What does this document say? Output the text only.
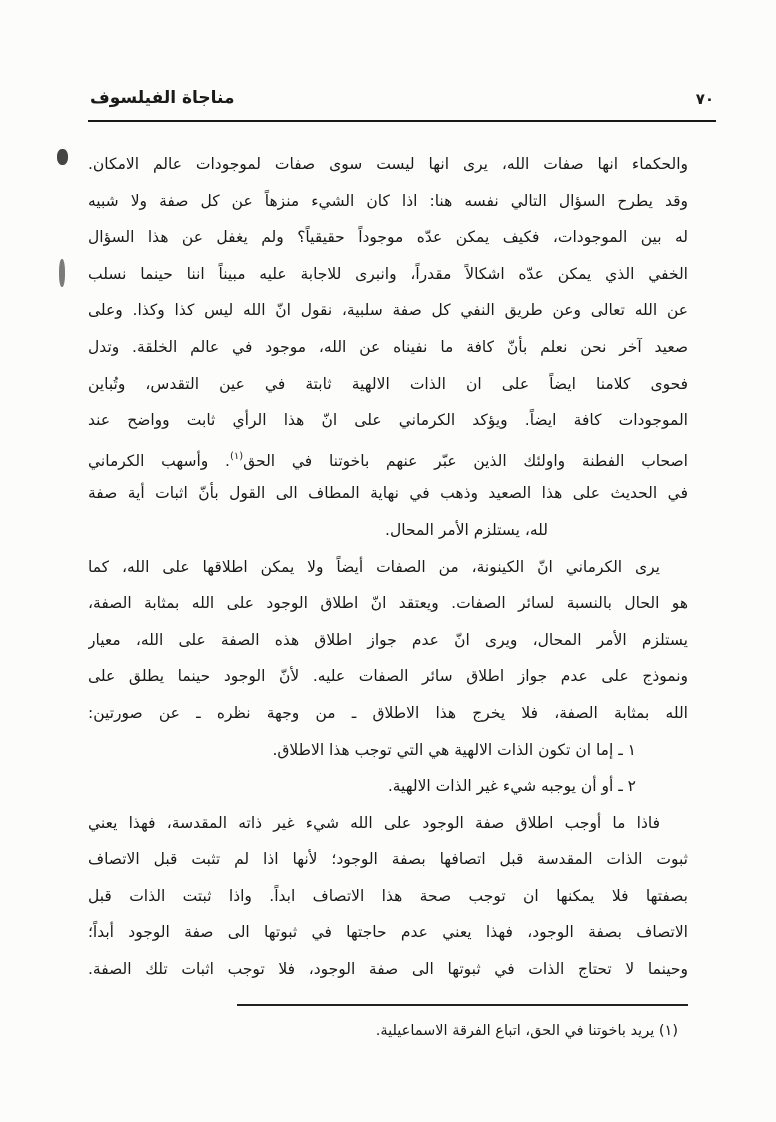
مناجاة الفيلسوف	٧٠
والحكماء انها صفات الله، يرى انها ليست سوى صفات لموجودات عالم الامكان.
وقد يطرح السؤال التالي نفسه هنا: اذا كان الشيء منزهاً عن كل صفة ولا شبيه
له بين الموجودات، فكيف يمكن عدّه موجوداً حقيقياً؟ ولم يغفل عن هذا السؤال
الخفي الذي يمكن عدّه اشكالاً مقدراً، وانبرى للاجابة عليه مبيناً اننا حينما نسلب
عن الله تعالى وعن طريق النفي كل صفة سلبية، نقول انّ الله ليس كذا وكذا. وعلى
صعيد آخر نحن نعلم بأنّ كافة ما نفيناه عن الله، موجود في عالم الخلقة. وتدل
فحوى كلامنا ايضاً على ان الذات الالهية ثابتة في عين التقدس، وتُباين
الموجودات كافة ايضاً. ويؤكد الكرماني على انّ هذا الرأي ثابت وواضح عند
اصحاب الفطنة واولئك الذين عبّر عنهم باخوتنا في الحق$^{(١)}$. وأسهب الكرماني
في الحديث على هذا الصعيد وذهب في نهاية المطاف الى القول بأنّ اثبات أية صفة
لله، يستلزم الأمر المحال.
يرى الكرماني انّ الكينونة، من الصفات أيضاً ولا يمكن اطلاقها على الله، كما
هو الحال بالنسبة لسائر الصفات. ويعتقد انّ اطلاق الوجود على الله بمثابة الصفة،
يستلزم الأمر المحال، ويرى انّ عدم جواز اطلاق هذه الصفة على الله، معيار
ونموذج على عدم جواز اطلاق سائر الصفات عليه. لأنّ الوجود حينما يطلق على
الله بمثابة الصفة، فلا يخرج هذا الاطلاق ـ من وجهة نظره ـ عن صورتين:
١ ـ إما ان تكون الذات الالهية هي التي توجب هذا الاطلاق.
٢ ـ أو أن يوجبه شيء غير الذات الالهية.
فاذا ما أوجب اطلاق صفة الوجود على الله شيء غير ذاته المقدسة، فهذا يعني
ثبوت الذات المقدسة قبل اتصافها بصفة الوجود؛ لأنها اذا لم تثبت قبل الاتصاف
بصفتها فلا يمكنها ان توجب صحة هذا الاتصاف ابداً. واذا ثبتت الذات قبل
الاتصاف بصفة الوجود، فهذا يعني عدم حاجتها في ثبوتها الى صفة الوجود أبداً؛
وحينما لا تحتاج الذات في ثبوتها الى صفة الوجود، فلا توجب اثبات تلك الصفة.
(١) يريد باخوتنا في الحق، اتباع الفرقة الاسماعيلية.
